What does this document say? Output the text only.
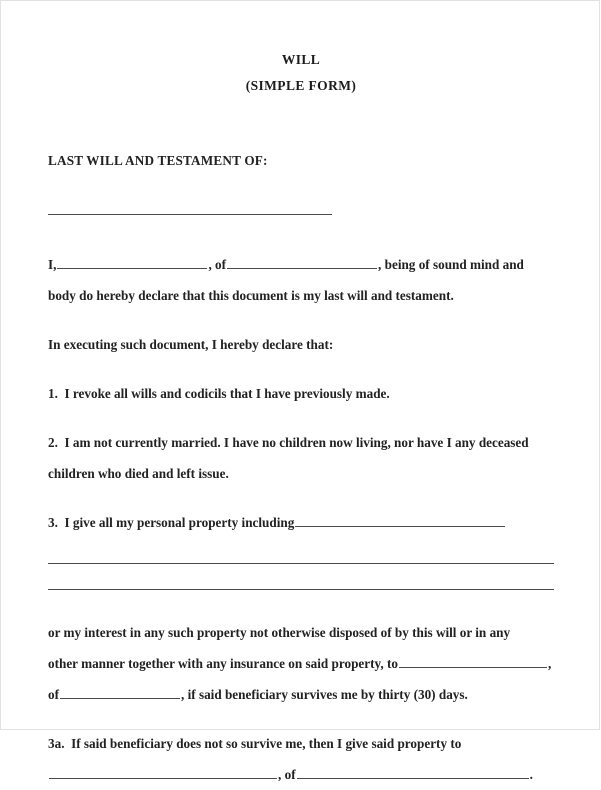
WILL
(SIMPLE FORM)
LAST WILL AND TESTAMENT OF:
I,	, of	, being of sound mind and
body do hereby declare that this document is my last will and testament.
In executing such document, I hereby declare that:
1. I revoke all wills and codicils that I have previously made.
2. I am not currently married. I have no children now living, nor have I any deceased
children who died and left issue.
3. I give all my personal property including
or my interest in any such property not otherwise disposed of by this will or in any
other manner together with any insurance on said property, to	,
of	, if said beneficiary survives me by thirty (30) days.
3a. If said beneficiary does not so survive me, then I give said property to
, of	.
